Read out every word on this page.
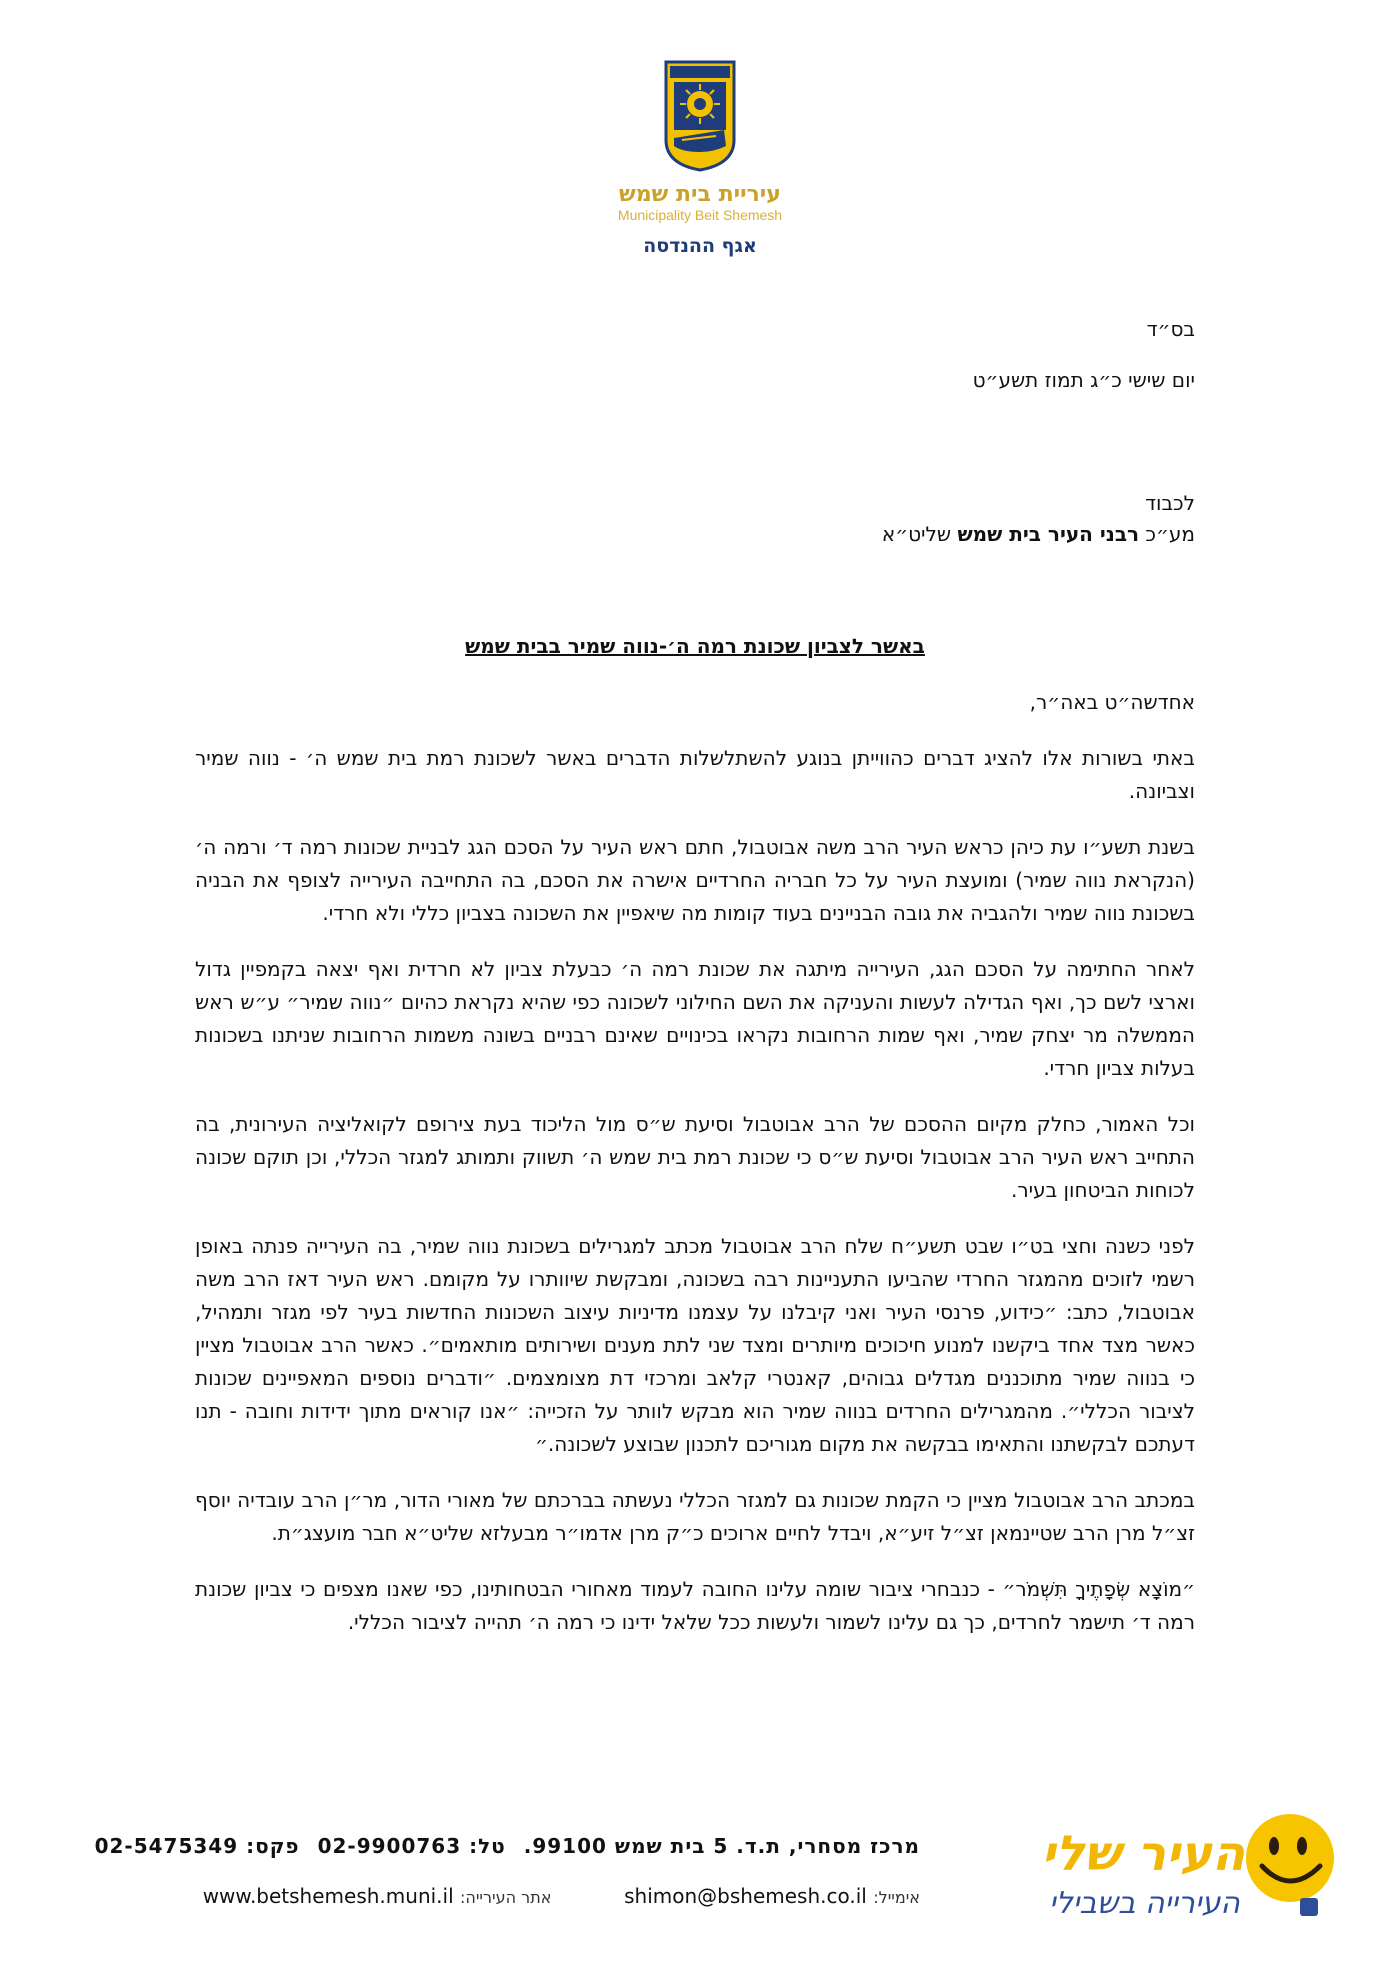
עיריית בית שמש
Municipality Beit Shemesh
אגף ההנדסה
בס״ד
יום שישי כ״ג תמוז תשע״ט
לכבוד
מע״כ רבני העיר בית שמש שליט״א
באשר לצביון שכונת רמה ה׳-נווה שמיר בבית שמש

אחדשה״ט באה״ר,

באתי בשורות אלו להציג דברים כהווייתן בנוגע להשתלשלות הדברים באשר לשכונת רמת בית שמש ה׳ - נווה שמיר וצביונה.

בשנת תשע״ו עת כיהן כראש העיר הרב משה אבוטבול, חתם ראש העיר על הסכם הגג לבניית שכונות רמה ד׳ ורמה ה׳ (הנקראת נווה שמיר) ומועצת העיר על כל חבריה החרדיים אישרה את הסכם, בה התחייבה העירייה לצופף את הבניה בשכונת נווה שמיר ולהגביה את גובה הבניינים בעוד קומות מה שיאפיין את השכונה בצביון כללי ולא חרדי.

לאחר החתימה על הסכם הגג, העירייה מיתגה את שכונת רמה ה׳ כבעלת צביון לא חרדית ואף יצאה בקמפיין גדול וארצי לשם כך, ואף הגדילה לעשות והעניקה את השם החילוני לשכונה כפי שהיא נקראת כהיום ״נווה שמיר״ ע״ש ראש הממשלה מר יצחק שמיר, ואף שמות הרחובות נקראו בכינויים שאינם רבניים בשונה משמות הרחובות שניתנו בשכונות בעלות צביון חרדי.

וכל האמור, כחלק מקיום ההסכם של הרב אבוטבול וסיעת ש״ס מול הליכוד בעת צירופם לקואליציה העירונית, בה התחייב ראש העיר הרב אבוטבול וסיעת ש״ס כי שכונת רמת בית שמש ה׳ תשווק ותמותג למגזר הכללי, וכן תוקם שכונה לכוחות הביטחון בעיר.

לפני כשנה וחצי בט״ו שבט תשע״ח שלח הרב אבוטבול מכתב למגרילים בשכונת נווה שמיר, בה העירייה פנתה באופן רשמי לזוכים מהמגזר החרדי שהביעו התעניינות רבה בשכונה, ומבקשת שיוותרו על מקומם. ראש העיר דאז הרב משה אבוטבול, כתב: ״כידוע, פרנסי העיר ואני קיבלנו על עצמנו מדיניות עיצוב השכונות החדשות בעיר לפי מגזר ותמהיל, כאשר מצד אחד ביקשנו למנוע חיכוכים מיותרים ומצד שני לתת מענים ושירותים מותאמים״. כאשר הרב אבוטבול מציין כי בנווה שמיר מתוכננים מגדלים גבוהים, קאנטרי קלאב ומרכזי דת מצומצמים. ״ודברים נוספים המאפיינים שכונות לציבור הכללי״. מהמגרילים החרדים בנווה שמיר הוא מבקש לוותר על הזכייה: ״אנו קוראים מתוך ידידות וחובה - תנו דעתכם לבקשתנו והתאימו בבקשה את מקום מגוריכם לתכנון שבוצע לשכונה.״

במכתב הרב אבוטבול מציין כי הקמת שכונות גם למגזר הכללי נעשתה בברכתם של מאורי הדור, מר״ן הרב עובדיה יוסף זצ״ל מרן הרב שטיינמאן זצ״ל זיע״א, ויבדל לחיים ארוכים כ״ק מרן אדמו״ר מבעלזא שליט״א חבר מועצג״ת.

״מוֹצָא שְׂפָתֶיךָ תִּשְׁמֹר״ - כנבחרי ציבור שומה עלינו החובה לעמוד מאחורי הבטחותינו, כפי שאנו מצפים כי צביון שכונת רמה ד׳ תישמר לחרדים, כך גם עלינו לשמור ולעשות ככל שלאל ידינו כי רמה ה׳ תהייה לציבור הכללי.

העיר שלי
העירייה בשבילי
מרכז מסחרי, ת.ד. 5 בית שמש 99100. טל: 02-9900763 פקס: 02-5475349
אימייל: shimon@bshemesh.co.il  אתר העירייה: www.betshemesh.muni.il
